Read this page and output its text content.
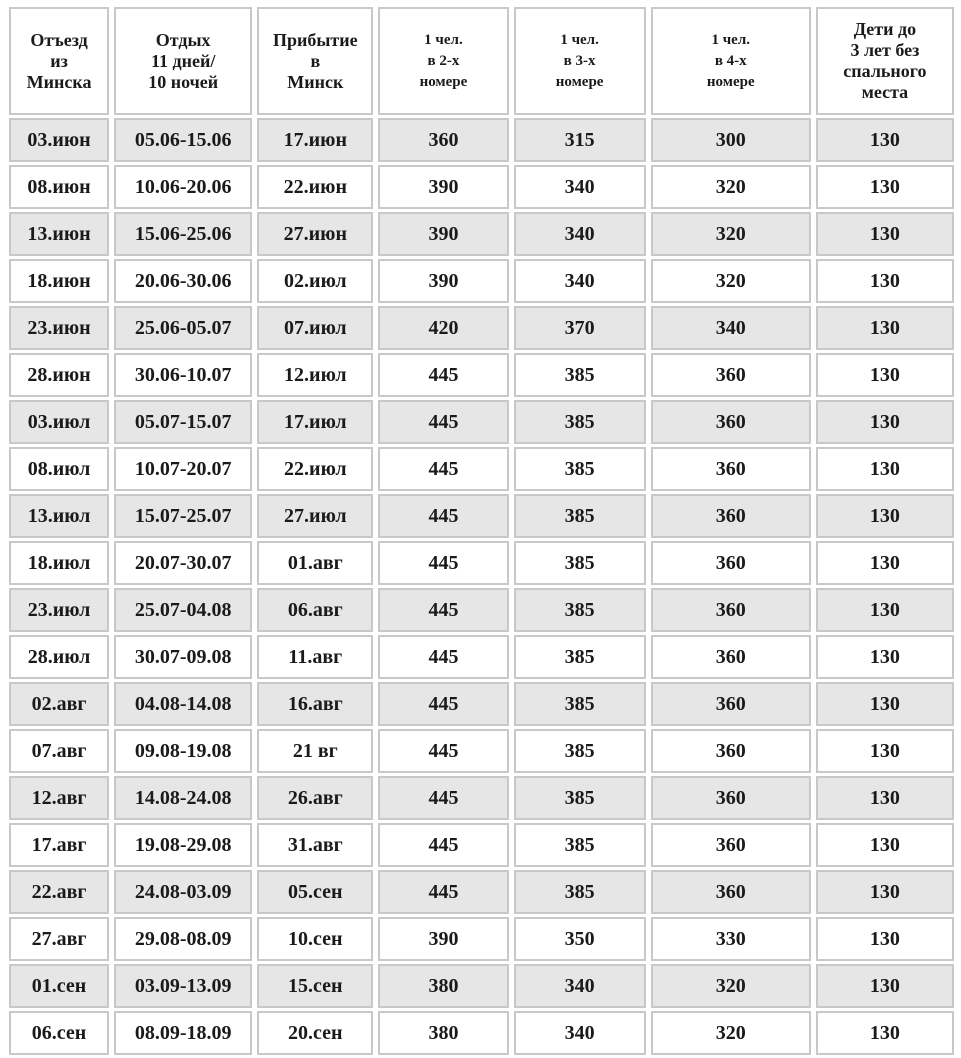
Отъезд
из
Минска	Отдых
11 дней/
10 ночей	Прибытие
в
Минск	1 чел.
в 2-х
номере	1 чел.
в 3-х
номере	1 чел.
в 4-х
номере	Дети до
3 лет без
спального
места

03.июн	05.06-15.06	17.июн	360	315	300	130
08.июн	10.06-20.06	22.июн	390	340	320	130
13.июн	15.06-25.06	27.июн	390	340	320	130
18.июн	20.06-30.06	02.июл	390	340	320	130
23.июн	25.06-05.07	07.июл	420	370	340	130
28.июн	30.06-10.07	12.июл	445	385	360	130
03.июл	05.07-15.07	17.июл	445	385	360	130
08.июл	10.07-20.07	22.июл	445	385	360	130
13.июл	15.07-25.07	27.июл	445	385	360	130
18.июл	20.07-30.07	01.авг	445	385	360	130
23.июл	25.07-04.08	06.авг	445	385	360	130
28.июл	30.07-09.08	11.авг	445	385	360	130
02.авг	04.08-14.08	16.авг	445	385	360	130
07.авг	09.08-19.08	21 вг	445	385	360	130
12.авг	14.08-24.08	26.авг	445	385	360	130
17.авг	19.08-29.08	31.авг	445	385	360	130
22.авг	24.08-03.09	05.сен	445	385	360	130
27.авг	29.08-08.09	10.сен	390	350	330	130
01.сен	03.09-13.09	15.сен	380	340	320	130
06.сен	08.09-18.09	20.сен	380	340	320	130
